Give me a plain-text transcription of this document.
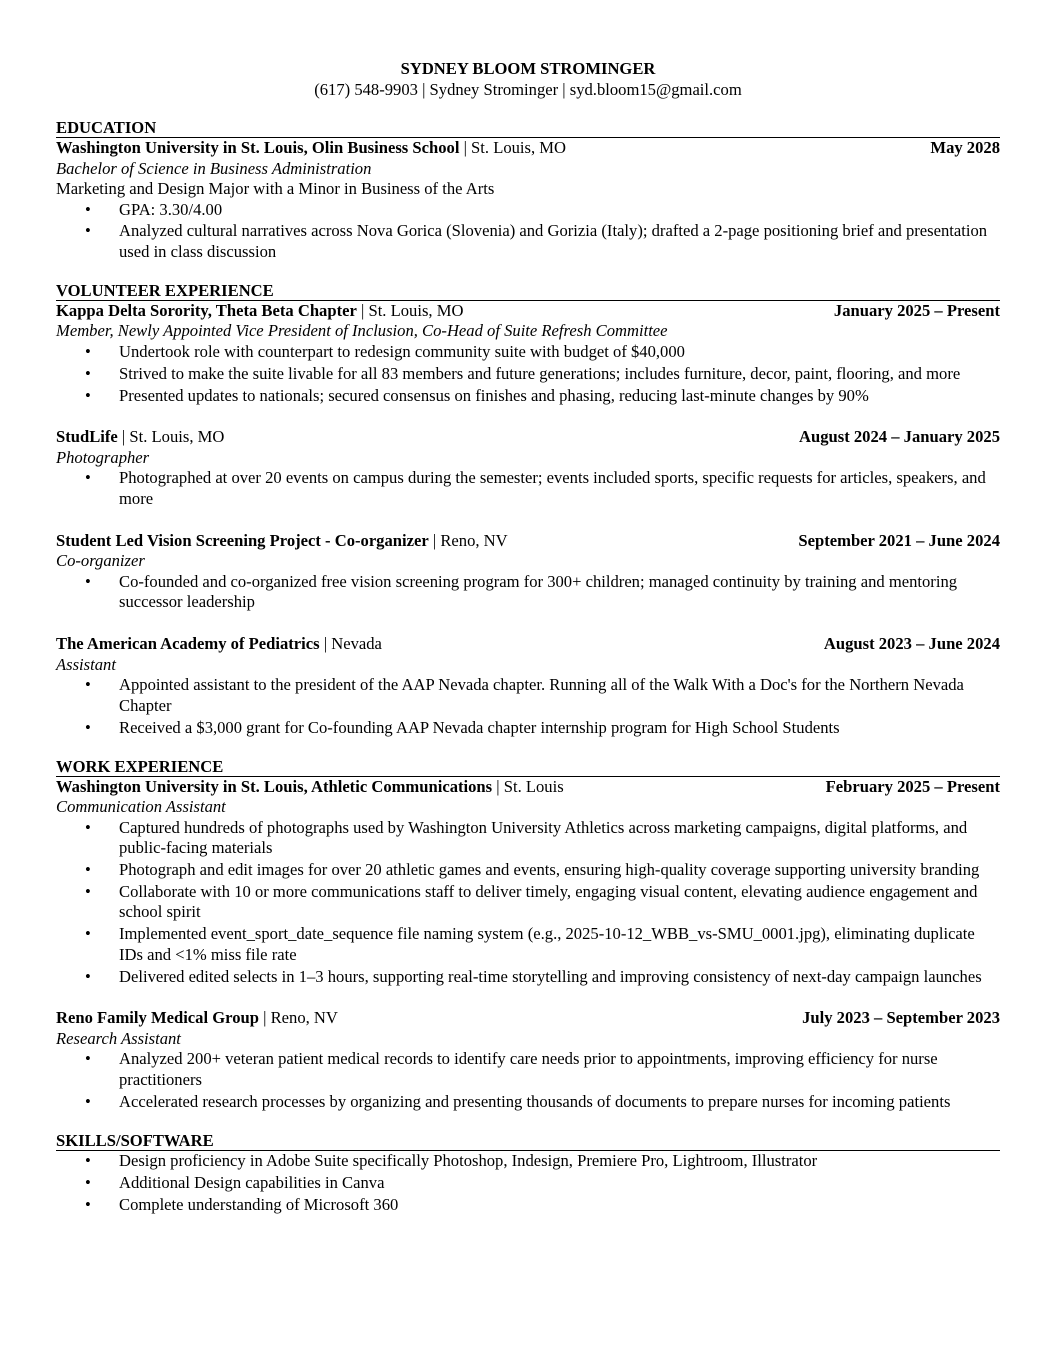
SYDNEY BLOOM STROMINGER
(617) 548-9903 | Sydney Strominger | syd.bloom15@gmail.com
EDUCATION
Washington University in St. Louis, Olin Business School | St. Louis, MO	May 2028
Bachelor of Science in Business Administration
Marketing and Design Major with a Minor in Business of the Arts
• GPA: 3.30/4.00
• Analyzed cultural narratives across Nova Gorica (Slovenia) and Gorizia (Italy); drafted a 2-page positioning brief and presentation used in class discussion
VOLUNTEER EXPERIENCE
Kappa Delta Sorority, Theta Beta Chapter | St. Louis, MO	January 2025 – Present
Member, Newly Appointed Vice President of Inclusion, Co-Head of Suite Refresh Committee
• Undertook role with counterpart to redesign community suite with budget of $40,000
• Strived to make the suite livable for all 83 members and future generations; includes furniture, decor, paint, flooring, and more
• Presented updates to nationals; secured consensus on finishes and phasing, reducing last-minute changes by 90%
StudLife | St. Louis, MO	August 2024 – January 2025
Photographer
• Photographed at over 20 events on campus during the semester; events included sports, specific requests for articles, speakers, and more
Student Led Vision Screening Project - Co-organizer | Reno, NV	September 2021 – June 2024
Co-organizer
• Co-founded and co-organized free vision screening program for 300+ children; managed continuity by training and mentoring successor leadership
The American Academy of Pediatrics | Nevada	August 2023 – June 2024
Assistant
• Appointed assistant to the president of the AAP Nevada chapter. Running all of the Walk With a Doc's for the Northern Nevada Chapter
• Received a $3,000 grant for Co-founding AAP Nevada chapter internship program for High School Students
WORK EXPERIENCE
Washington University in St. Louis, Athletic Communications | St. Louis	February 2025 – Present
Communication Assistant
• Captured hundreds of photographs used by Washington University Athletics across marketing campaigns, digital platforms, and public-facing materials
• Photograph and edit images for over 20 athletic games and events, ensuring high-quality coverage supporting university branding
• Collaborate with 10 or more communications staff to deliver timely, engaging visual content, elevating audience engagement and school spirit
• Implemented event_sport_date_sequence file naming system (e.g., 2025-10-12_WBB_vs-SMU_0001.jpg), eliminating duplicate IDs and <1% miss file rate
• Delivered edited selects in 1–3 hours, supporting real-time storytelling and improving consistency of next-day campaign launches
Reno Family Medical Group | Reno, NV	July 2023 – September 2023
Research Assistant
• Analyzed 200+ veteran patient medical records to identify care needs prior to appointments, improving efficiency for nurse practitioners
• Accelerated research processes by organizing and presenting thousands of documents to prepare nurses for incoming patients
SKILLS/SOFTWARE
• Design proficiency in Adobe Suite specifically Photoshop, Indesign, Premiere Pro, Lightroom, Illustrator
• Additional Design capabilities in Canva
• Complete understanding of Microsoft 360
